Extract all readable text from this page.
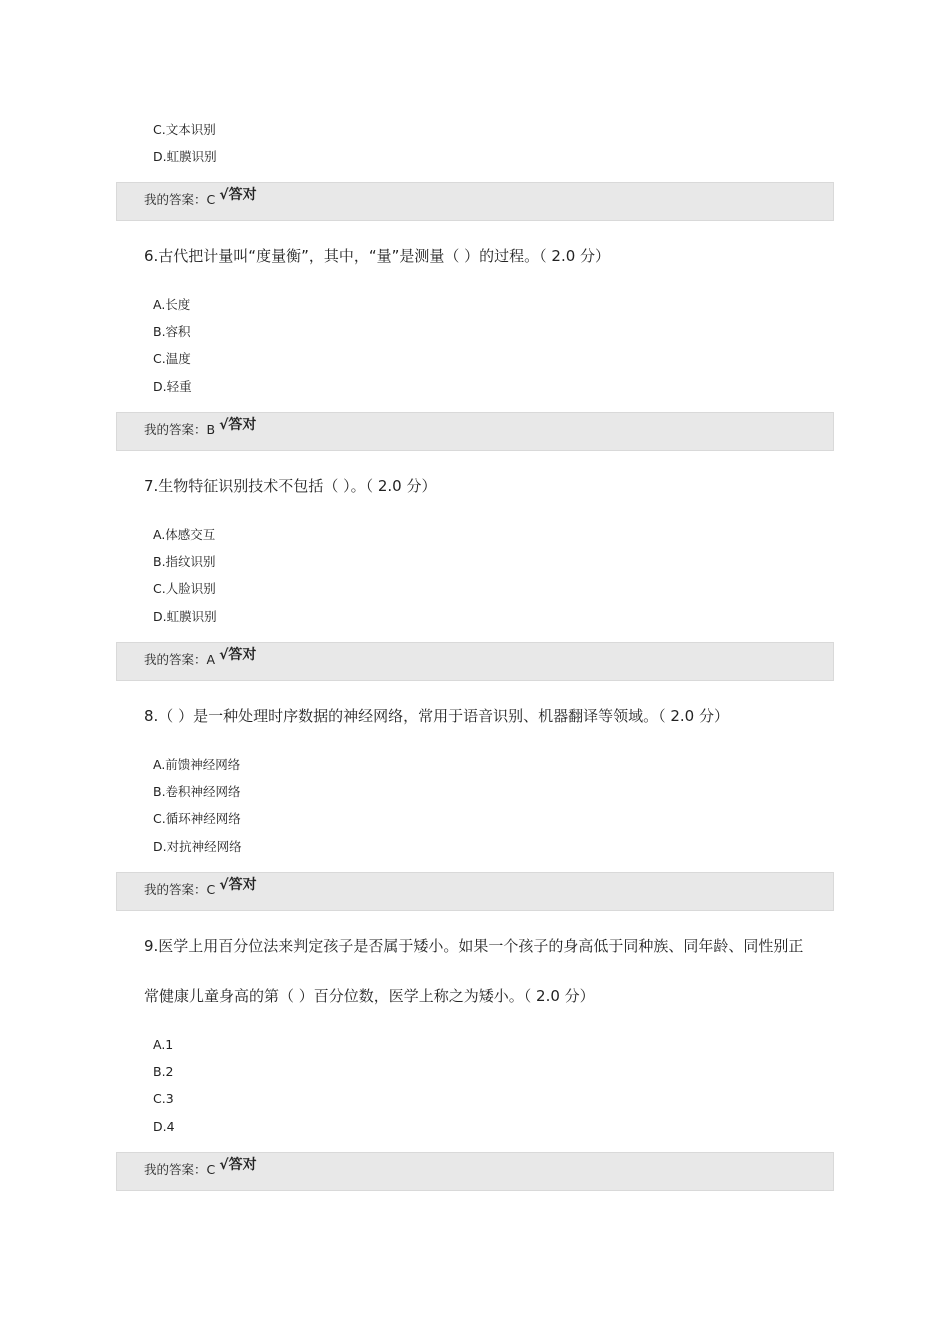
C.文本识别
D.虹膜识别
我的答案：C √答对
6.古代把计量叫“度量衡”，其中，“量”是测量（ ）的过程。（ 2.0 分）
A.长度
B.容积
C.温度
D.轻重
我的答案：B √答对
7.生物特征识别技术不包括（ ）。（ 2.0 分）
A.体感交互
B.指纹识别
C.人脸识别
D.虹膜识别
我的答案：A √答对
8.（ ）是一种处理时序数据的神经网络，常用于语音识别、机器翻译等领域。（ 2.0 分）
A.前馈神经网络
B.卷积神经网络
C.循环神经网络
D.对抗神经网络
我的答案：C √答对
9.医学上用百分位法来判定孩子是否属于矮小。如果一个孩子的身高低于同种族、同年龄、同性别正
常健康儿童身高的第（ ）百分位数，医学上称之为矮小。（ 2.0 分）
A.1
B.2
C.3
D.4
我的答案：C √答对
